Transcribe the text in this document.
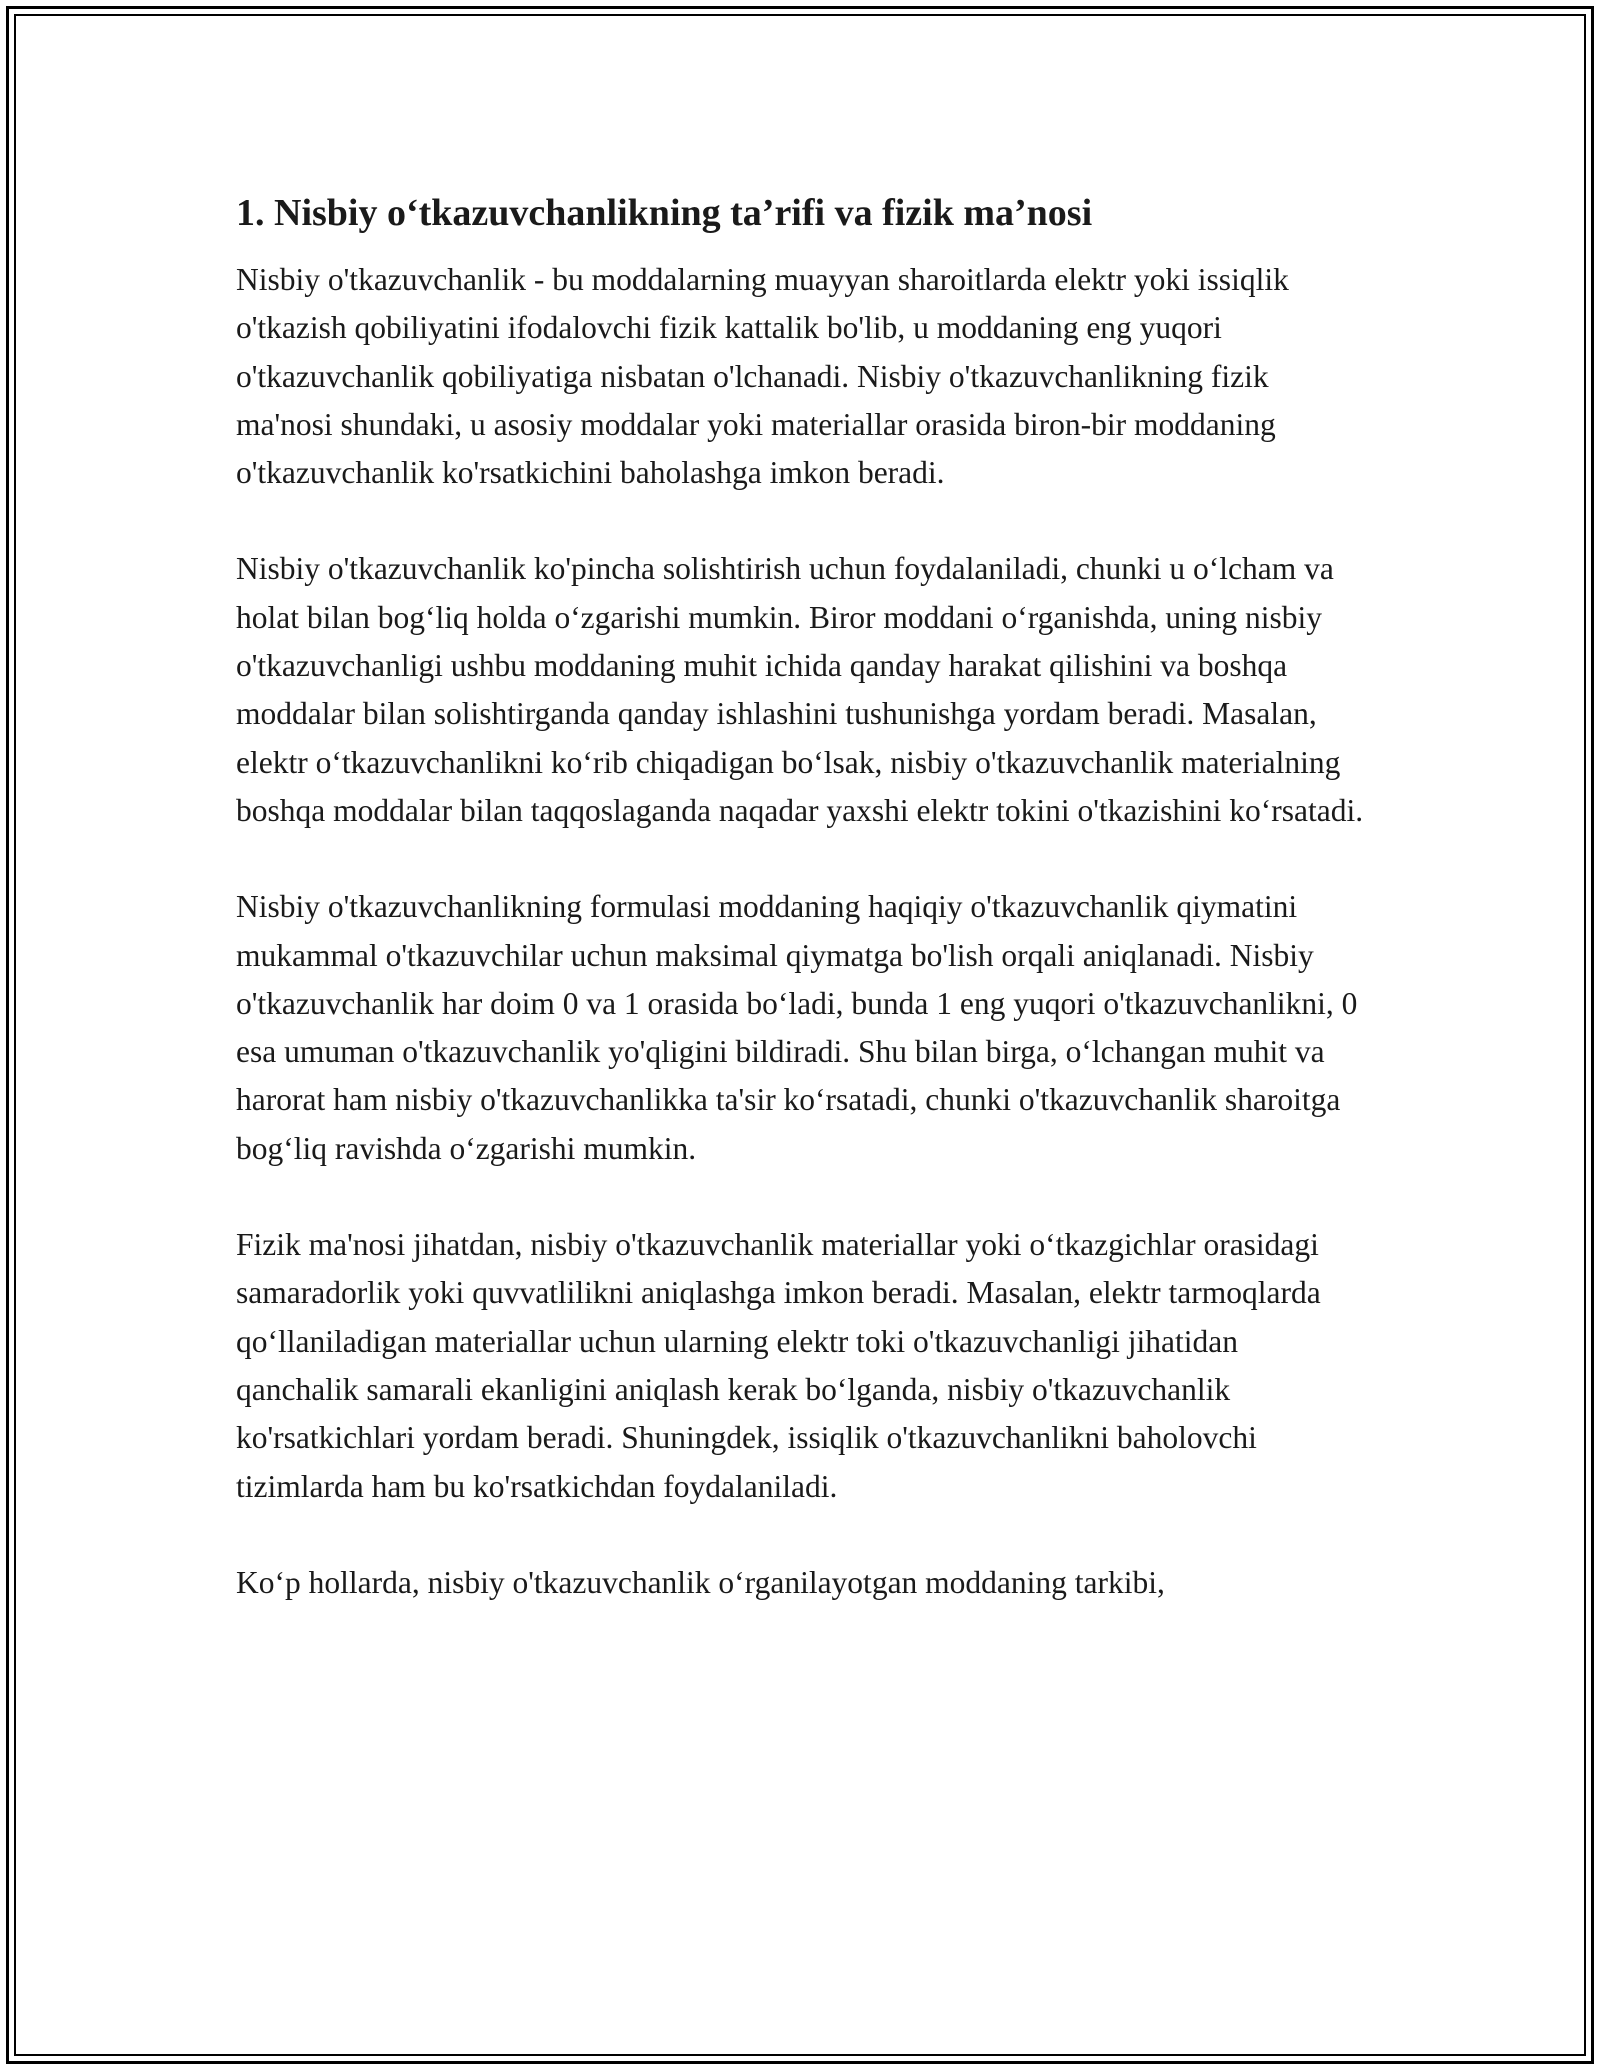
1. Nisbiy o‘tkazuvchanlikning ta’rifi va fizik ma’nosi

Nisbiy o'tkazuvchanlik - bu moddalarning muayyan sharoitlarda elektr yoki issiqlik o'tkazish qobiliyatini ifodalovchi fizik kattalik bo'lib, u moddaning eng yuqori o'tkazuvchanlik qobiliyatiga nisbatan o'lchanadi. Nisbiy o'tkazuvchanlikning fizik ma'nosi shundaki, u asosiy moddalar yoki materiallar orasida biron-bir moddaning o'tkazuvchanlik ko'rsatkichini baholashga imkon beradi.

Nisbiy o'tkazuvchanlik ko'pincha solishtirish uchun foydalaniladi, chunki u o‘lcham va holat bilan bog‘liq holda o‘zgarishi mumkin. Biror moddani o‘rganishda, uning nisbiy o'tkazuvchanligi ushbu moddaning muhit ichida qanday harakat qilishini va boshqa moddalar bilan solishtirganda qanday ishlashini tushunishga yordam beradi. Masalan, elektr o‘tkazuvchanlikni ko‘rib chiqadigan bo‘lsak, nisbiy o'tkazuvchanlik materialning boshqa moddalar bilan taqqoslaganda naqadar yaxshi elektr tokini o'tkazishini ko‘rsatadi.

Nisbiy o'tkazuvchanlikning formulasi moddaning haqiqiy o'tkazuvchanlik qiymatini mukammal o'tkazuvchilar uchun maksimal qiymatga bo'lish orqali aniqlanadi. Nisbiy o'tkazuvchanlik har doim 0 va 1 orasida bo‘ladi, bunda 1 eng yuqori o'tkazuvchanlikni, 0 esa umuman o'tkazuvchanlik yo'qligini bildiradi. Shu bilan birga, o‘lchangan muhit va harorat ham nisbiy o'tkazuvchanlikka ta'sir ko‘rsatadi, chunki o'tkazuvchanlik sharoitga bog‘liq ravishda o‘zgarishi mumkin.

Fizik ma'nosi jihatdan, nisbiy o'tkazuvchanlik materiallar yoki o‘tkazgichlar orasidagi samaradorlik yoki quvvatlilikni aniqlashga imkon beradi. Masalan, elektr tarmoqlarda qo‘llaniladigan materiallar uchun ularning elektr toki o'tkazuvchanligi jihatidan qanchalik samarali ekanligini aniqlash kerak bo‘lganda, nisbiy o'tkazuvchanlik ko'rsatkichlari yordam beradi. Shuningdek, issiqlik o'tkazuvchanlikni baholovchi tizimlarda ham bu ko'rsatkichdan foydalaniladi.

Ko‘p hollarda, nisbiy o'tkazuvchanlik o‘rganilayotgan moddaning tarkibi,
